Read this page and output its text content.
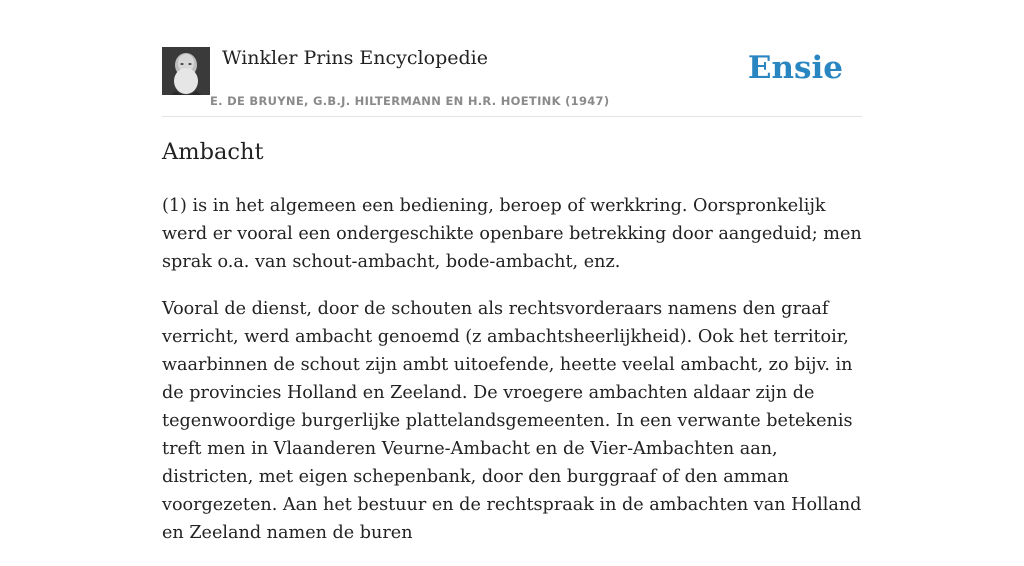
Winkler Prins Encyclopedie
E. DE BRUYNE, G.B.J. HILTERMANN EN H.R. HOETINK (1947)
Ensie
Ambacht

(1) is in het algemeen een bediening, beroep of werkkring. Oorspronkelijk werd er vooral een ondergeschikte openbare betrekking door aangeduid; men sprak o.a. van schout-ambacht, bode-ambacht, enz.

Vooral de dienst, door de schouten als rechtsvorderaars namens den graaf verricht, werd ambacht genoemd (z ambachtsheerlijkheid). Ook het territoir, waarbinnen de schout zijn ambt uitoefende, heette veelal ambacht, zo bijv. in de provincies Holland en Zeeland. De vroegere ambachten aldaar zijn de tegenwoordige burgerlijke plattelandsgemeenten. In een verwante betekenis treft men in Vlaanderen Veurne-Ambacht en de Vier-Ambachten aan, districten, met eigen schepenbank, door den burggraaf of den amman voorgezeten. Aan het bestuur en de rechtspraak in de ambachten van Holland en Zeeland namen de buren
